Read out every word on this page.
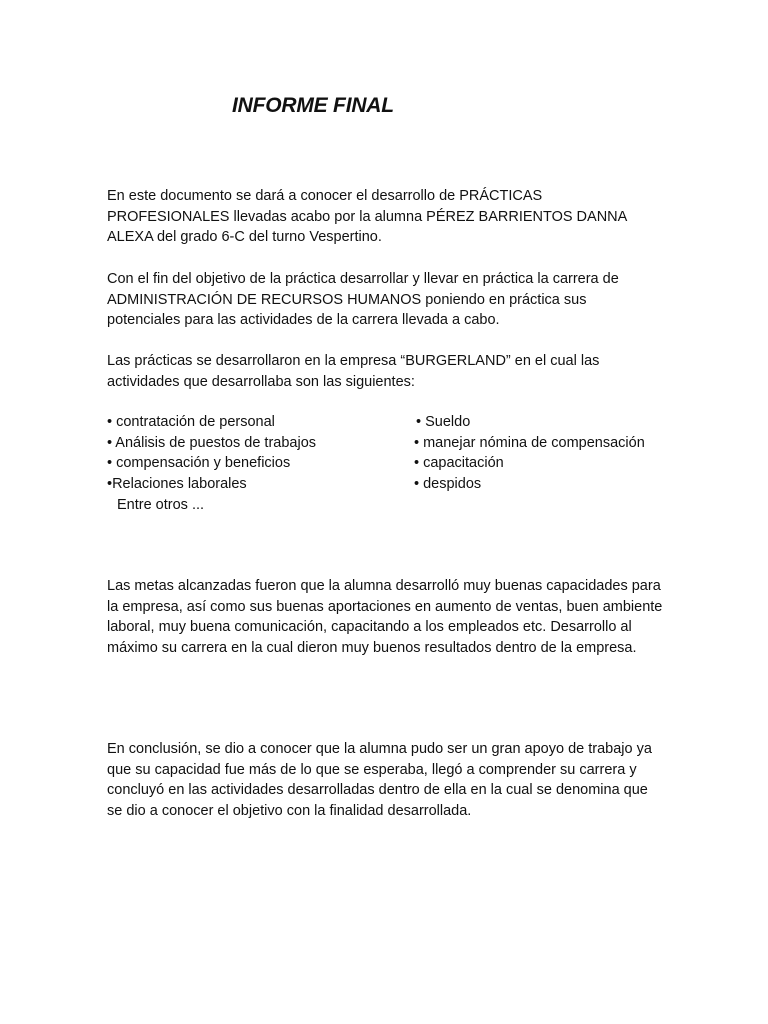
INFORME FINAL

En este documento se dará a conocer el desarrollo de PRÁCTICAS PROFESIONALES llevadas acabo por la alumna PÉREZ BARRIENTOS DANNA ALEXA del grado 6-C del turno Vespertino.

Con el fin del objetivo de la práctica desarrollar y llevar en práctica la carrera de ADMINISTRACIÓN DE RECURSOS HUMANOS poniendo en práctica sus potenciales para las actividades de la carrera llevada a cabo.

Las prácticas se desarrollaron en la empresa “BURGERLAND” en el cual las actividades que desarrollaba son las siguientes:

• contratación de personal
• Análisis de puestos de trabajos
• compensación y beneficios
•Relaciones laborales
• Sueldo
• manejar nómina de compensación
• capacitación
• despidos

Entre otros ...

Las metas alcanzadas fueron que la alumna desarrolló muy buenas capacidades para la empresa, así como sus buenas aportaciones en aumento de ventas, buen ambiente laboral, muy buena comunicación, capacitando a los empleados etc. Desarrollo al máximo su carrera en la cual dieron muy buenos resultados dentro de la empresa.

En conclusión, se dio a conocer que la alumna pudo ser un gran apoyo de trabajo ya que su capacidad fue más de lo que se esperaba, llegó a comprender su carrera y concluyó en las actividades desarrolladas dentro de ella en la cual se denomina que se dio a conocer el objetivo con la finalidad desarrollada.
